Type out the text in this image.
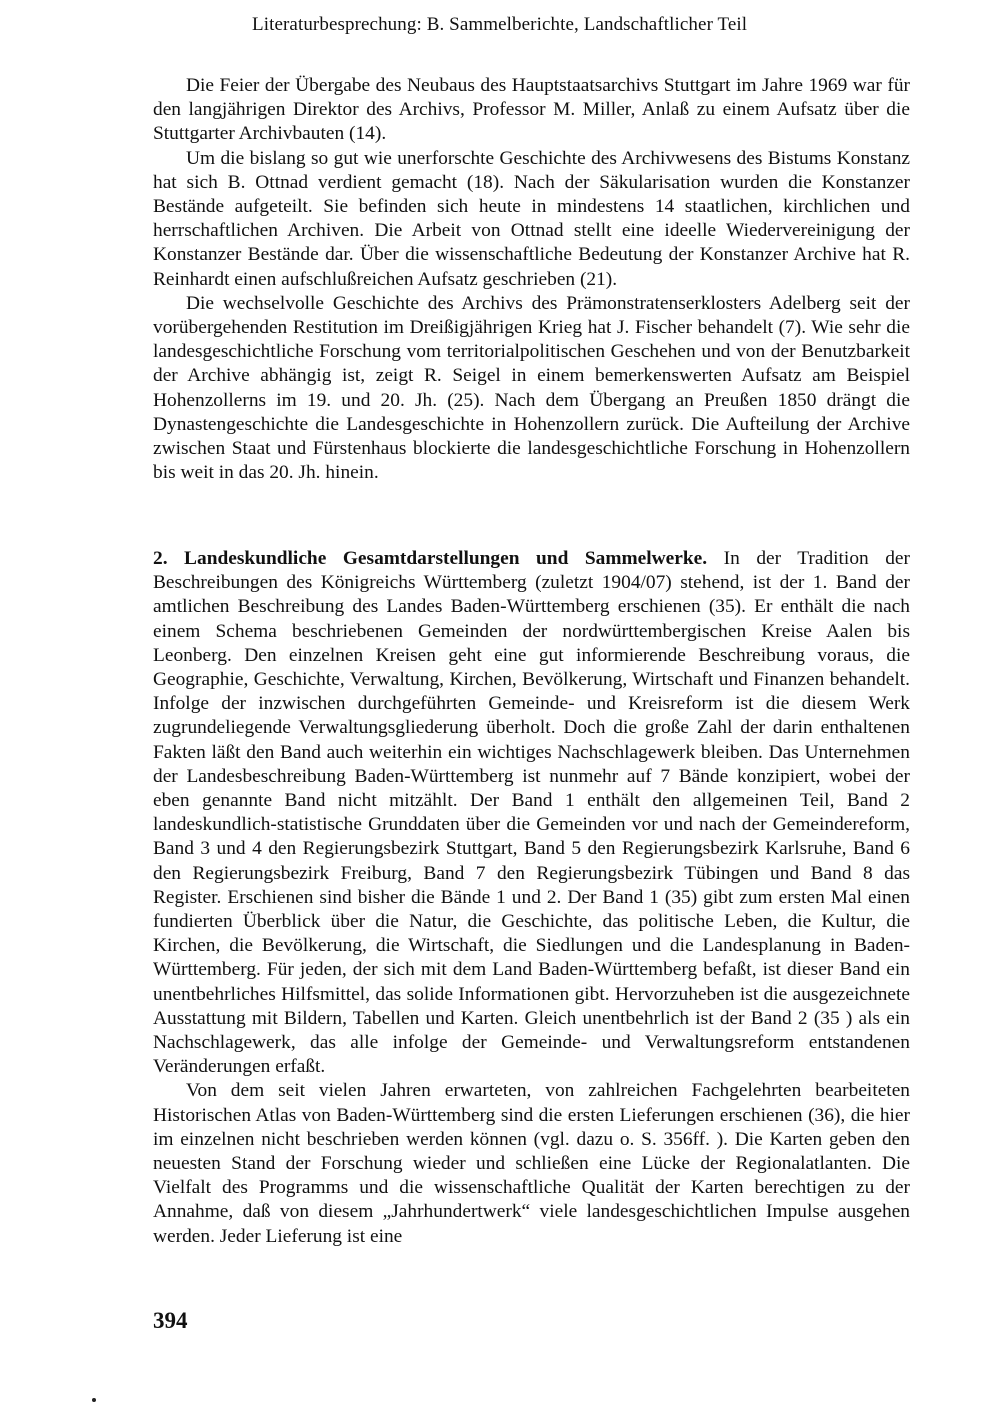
Die Feier der Übergabe des Neubaus des Hauptstaatsarchivs Stuttgart im Jahre 1969 war für den langjährigen Direktor des Archivs, Professor M. Miller, Anlaß zu einem Aufsatz über die Stuttgarter Archivbauten (14).

Um die bislang so gut wie unerforschte Geschichte des Archivwesens des Bistums Konstanz hat sich B. Ottnad verdient gemacht (18). Nach der Säkularisation wurden die Konstanzer Bestände aufgeteilt. Sie befinden sich heute in mindestens 14 staatlichen, kirchlichen und herrschaftlichen Archiven. Die Arbeit von Ottnad stellt eine ideelle Wiedervereinigung der Konstanzer Bestände dar. Über die wissenschaftliche Bedeutung der Konstanzer Archive hat R. Reinhardt einen aufschlußreichen Aufsatz geschrieben (21).

Die wechselvolle Geschichte des Archivs des Prämonstratenserklosters Adelberg seit der vorübergehenden Restitution im Dreißigjährigen Krieg hat J. Fischer behandelt (7). Wie sehr die landesgeschichtliche Forschung vom territorialpolitischen Geschehen und von der Benutzbarkeit der Archive abhängig ist, zeigt R. Seigel in einem bemerkenswerten Aufsatz am Beispiel Hohenzollerns im 19. und 20. Jh. (25). Nach dem Übergang an Preußen 1850 drängt die Dynastengeschichte die Landesgeschichte in Hohenzollern zurück. Die Aufteilung der Archive zwischen Staat und Fürstenhaus blockierte die landesgeschichtliche Forschung in Hohenzollern bis weit in das 20. Jh. hinein.

2. Landeskundliche Gesamtdarstellungen und Sammelwerke. In der Tradition der Beschreibungen des Königreichs Württemberg (zuletzt 1904/07) stehend, ist der 1. Band der amtlichen Beschreibung des Landes Baden-Württemberg erschienen (35). Er enthält die nach einem Schema beschriebenen Gemeinden der nordwürttembergischen Kreise Aalen bis Leonberg. Den einzelnen Kreisen geht eine gut informierende Beschreibung voraus, die Geographie, Geschichte, Verwaltung, Kirchen, Bevölkerung, Wirtschaft und Finanzen behandelt. Infolge der inzwischen durchgeführten Gemeinde- und Kreisreform ist die diesem Werk zugrundeliegende Verwaltungsgliederung überholt. Doch die große Zahl der darin enthaltenen Fakten läßt den Band auch weiterhin ein wichtiges Nachschlagewerk bleiben. Das Unternehmen der Landesbeschreibung Baden-Württemberg ist nunmehr auf 7 Bände konzipiert, wobei der eben genannte Band nicht mitzählt. Der Band 1 enthält den allgemeinen Teil, Band 2 landeskundlich-statistische Grunddaten über die Gemeinden vor und nach der Gemeindereform, Band 3 und 4 den Regierungsbezirk Stuttgart, Band 5 den Regierungsbezirk Karlsruhe, Band 6 den Regierungsbezirk Freiburg, Band 7 den Regierungsbezirk Tübingen und Band 8 das Register. Erschienen sind bisher die Bände 1 und 2. Der Band 1 (35) gibt zum ersten Mal einen fundierten Überblick über die Natur, die Geschichte, das politische Leben, die Kultur, die Kirchen, die Bevölkerung, die Wirtschaft, die Siedlungen und die Landesplanung in Baden-Württemberg. Für jeden, der sich mit dem Land Baden-Württemberg befaßt, ist dieser Band ein unentbehrliches Hilfsmittel, das solide Informationen gibt. Hervorzuheben ist die ausgezeichnete Ausstattung mit Bildern, Tabellen und Karten. Gleich unentbehrlich ist der Band 2 (35 ) als ein Nachschlagewerk, das alle infolge der Gemeinde- und Verwaltungsreform entstandenen Veränderungen erfaßt.

Von dem seit vielen Jahren erwarteten, von zahlreichen Fachgelehrten bearbeiteten Historischen Atlas von Baden-Württemberg sind die ersten Lieferungen erschienen (36), die hier im einzelnen nicht beschrieben werden können (vgl. dazu o. S. 356ff. ). Die Karten geben den neuesten Stand der Forschung wieder und schließen eine Lücke der Regionalatlanten. Die Vielfalt des Programms und die wissenschaftliche Qualität der Karten berechtigen zu der Annahme, daß von diesem „Jahrhundertwerk“ viele landesgeschichtlichen Impulse ausgehen werden. Jeder Lieferung ist eine

Literaturbesprechung: B. Sammelberichte, Landschaftlicher Teil
394
